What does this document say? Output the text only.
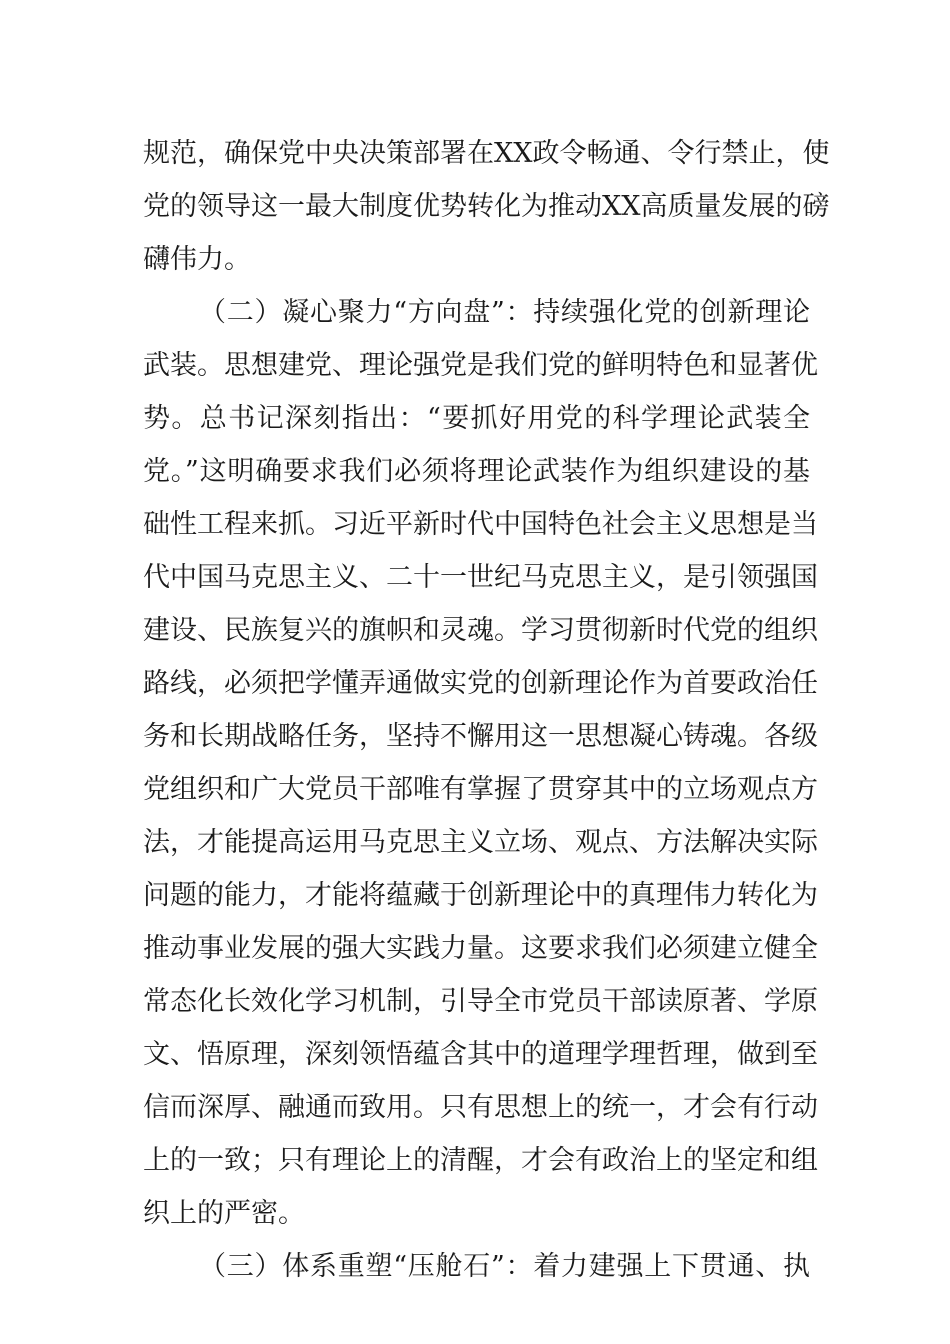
规范，确保党中央决策部署在XX政令畅通、令行禁止，使
党的领导这一最大制度优势转化为推动XX高质量发展的磅
礴伟力。
（二）凝心聚力“方向盘”：持续强化党的创新理论
武装。思想建党、理论强党是我们党的鲜明特色和显著优
势。总书记深刻指出：“要抓好用党的科学理论武装全
党。”这明确要求我们必须将理论武装作为组织建设的基
础性工程来抓。习近平新时代中国特色社会主义思想是当
代中国马克思主义、二十一世纪马克思主义，是引领强国
建设、民族复兴的旗帜和灵魂。学习贯彻新时代党的组织
路线，必须把学懂弄通做实党的创新理论作为首要政治任
务和长期战略任务，坚持不懈用这一思想凝心铸魂。各级
党组织和广大党员干部唯有掌握了贯穿其中的立场观点方
法，才能提高运用马克思主义立场、观点、方法解决实际
问题的能力，才能将蕴藏于创新理论中的真理伟力转化为
推动事业发展的强大实践力量。这要求我们必须建立健全
常态化长效化学习机制，引导全市党员干部读原著、学原
文、悟原理，深刻领悟蕴含其中的道理学理哲理，做到至
信而深厚、融通而致用。只有思想上的统一，才会有行动
上的一致；只有理论上的清醒，才会有政治上的坚定和组
织上的严密。
（三）体系重塑“压舱石”：着力建强上下贯通、执
